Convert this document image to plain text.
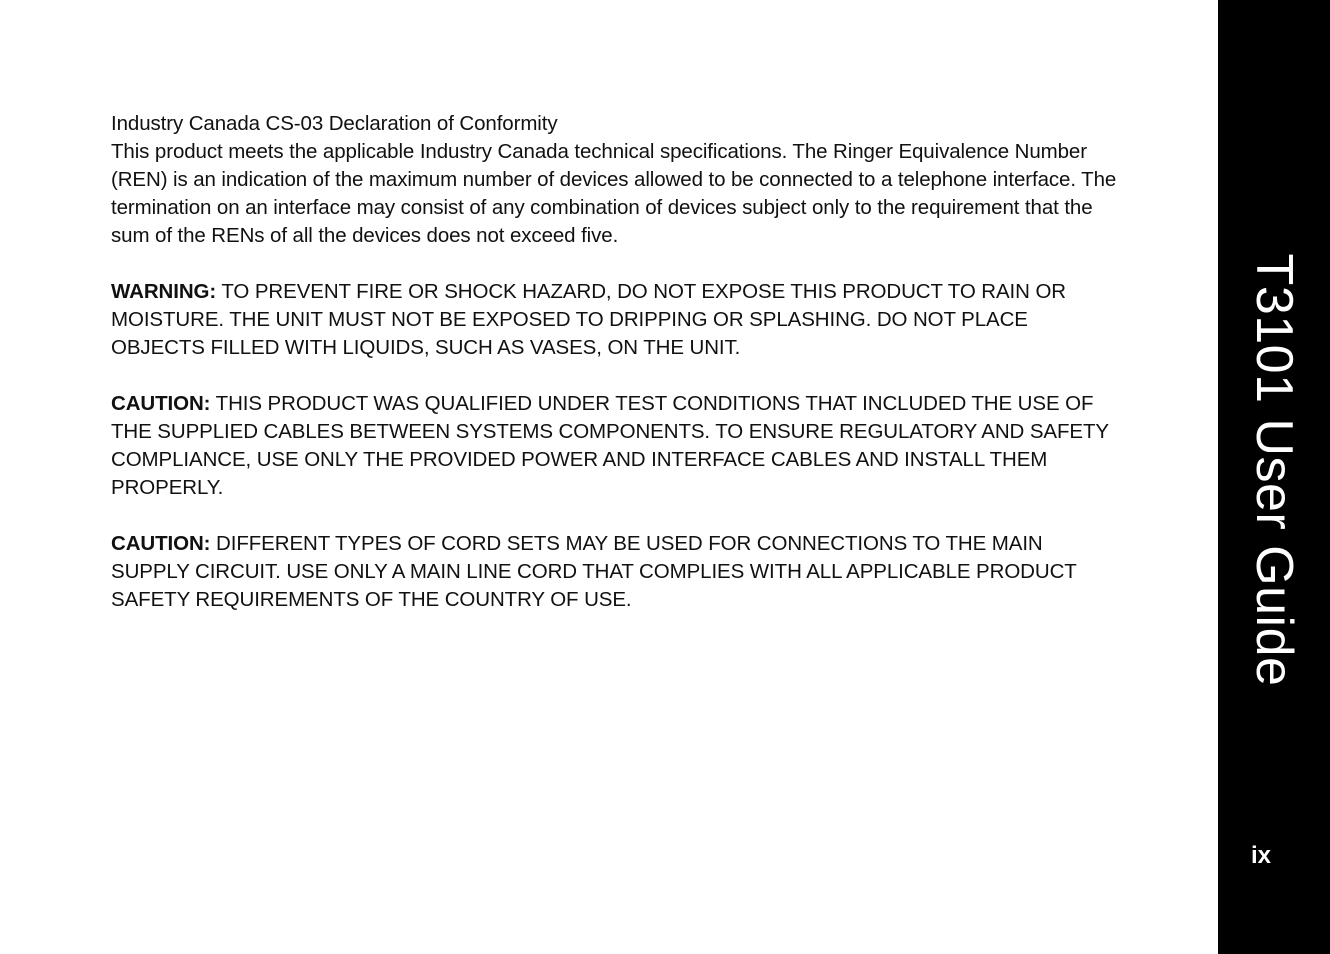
Industry Canada CS-03 Declaration of Conformity
This product meets the applicable Industry Canada technical specifications. The Ringer Equivalence Number (REN) is an indication of the maximum number of devices allowed to be connected to a telephone interface. The termination on an interface may consist of any combination of devices subject only to the requirement that the sum of the RENs of all the devices does not exceed five.

WARNING: TO PREVENT FIRE OR SHOCK HAZARD, DO NOT EXPOSE THIS PRODUCT TO RAIN OR MOISTURE. THE UNIT MUST NOT BE EXPOSED TO DRIPPING OR SPLASHING. DO NOT PLACE OBJECTS FILLED WITH LIQUIDS, SUCH AS VASES, ON THE UNIT.

CAUTION: THIS PRODUCT WAS QUALIFIED UNDER TEST CONDITIONS THAT INCLUDED THE USE OF THE SUPPLIED CABLES BETWEEN SYSTEMS COMPONENTS. TO ENSURE REGULATORY AND SAFETY COMPLIANCE, USE ONLY THE PROVIDED POWER AND INTERFACE CABLES AND INSTALL THEM PROPERLY.

CAUTION: DIFFERENT TYPES OF CORD SETS MAY BE USED FOR CONNECTIONS TO THE MAIN SUPPLY CIRCUIT. USE ONLY A MAIN LINE CORD THAT COMPLIES WITH ALL APPLICABLE PRODUCT SAFETY REQUIREMENTS OF THE COUNTRY OF USE.	T3101 User Guide
ix
